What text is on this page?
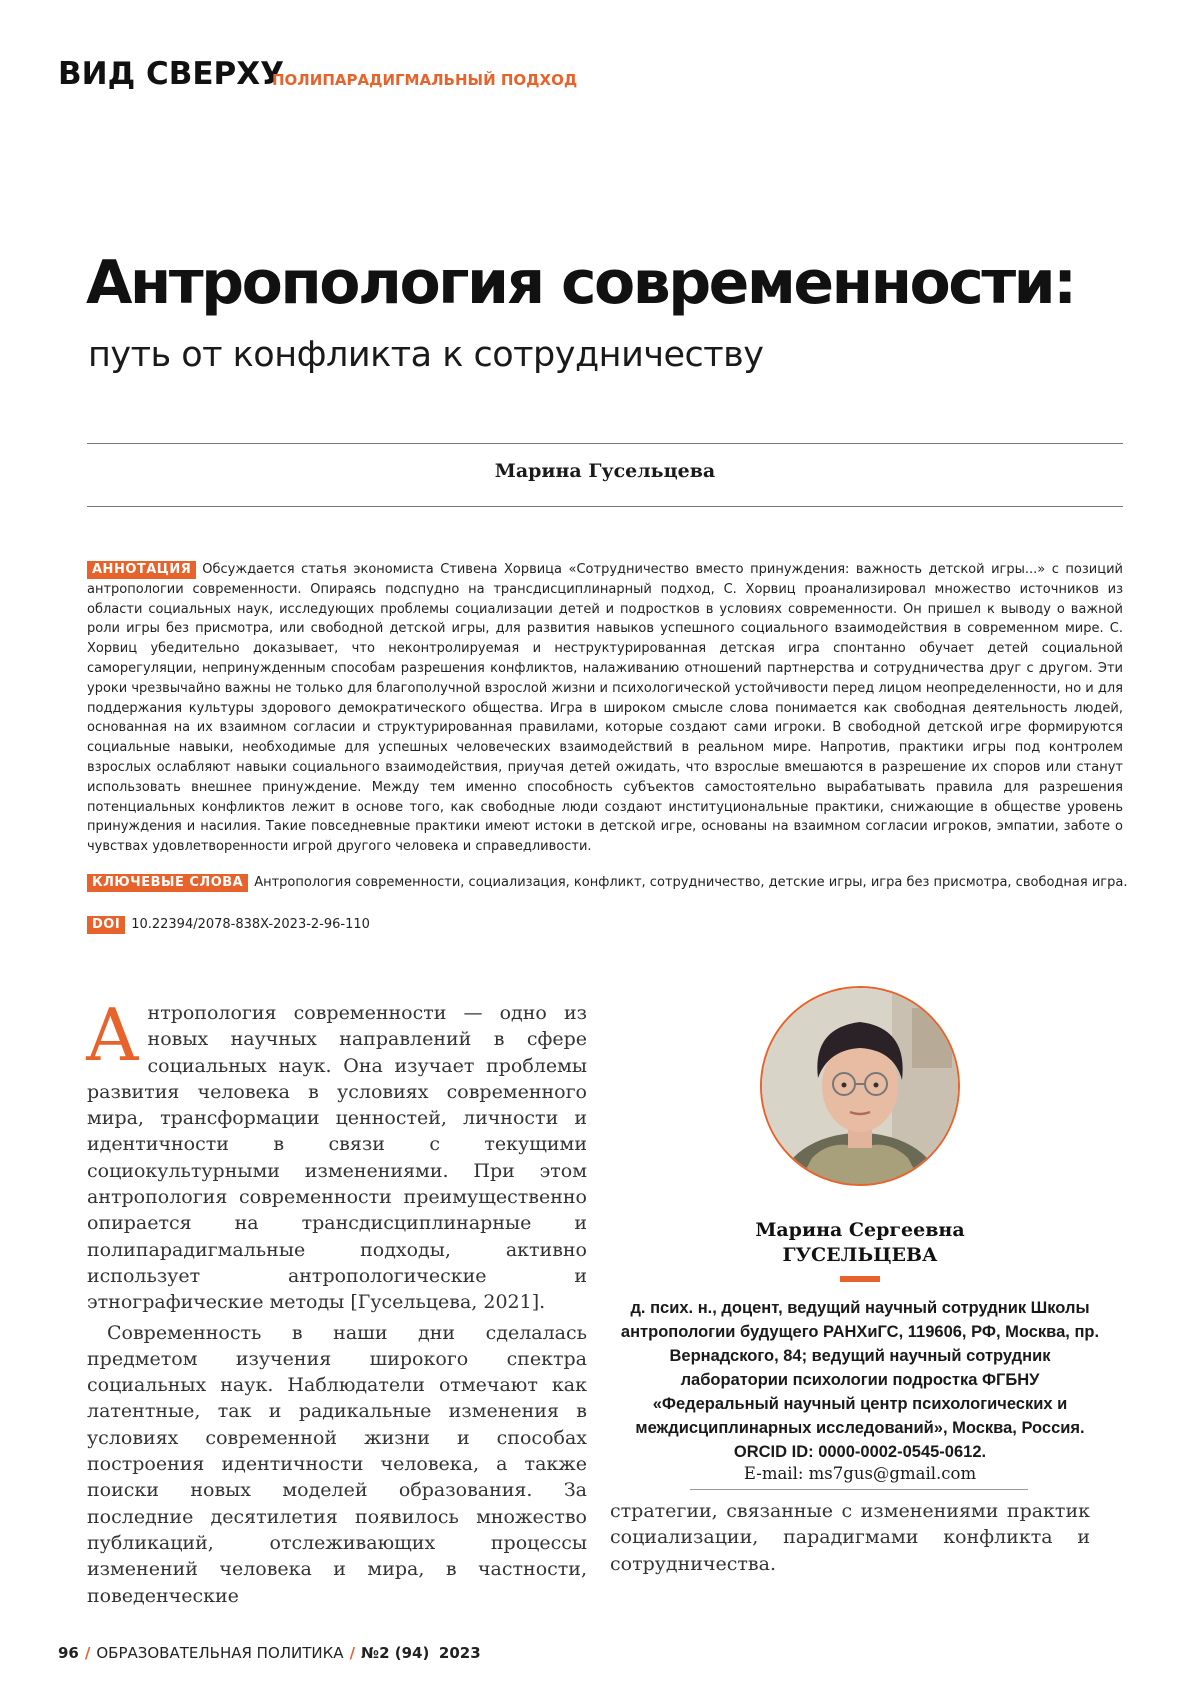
ВИД СВЕРХУ
ПОЛИПАРАДИГМАЛЬНЫЙ ПОДХОД
Антропология современности:
путь от конфликта к сотрудничеству
Марина Гусельцева
АННОТАЦИЯ Обсуждается статья экономиста Стивена Хорвица «Сотрудничество вместо принуждения: важность детской игры...» с позиций антропологии современности. Опираясь подспудно на трансдисциплинарный подход, С. Хорвиц проанализировал множество источников из области социальных наук, исследующих проблемы социализации детей и подростков в условиях современности. Он пришел к выводу о важной роли игры без присмотра, или свободной детской игры, для развития навыков успешного социального взаимодействия в современном мире. С. Хорвиц убедительно доказывает, что неконтролируемая и неструктурированная детская игра спонтанно обучает детей социальной саморегуляции, непринужденным способам разрешения конфликтов, налаживанию отношений партнерства и сотрудничества друг с другом. Эти уроки чрезвычайно важны не только для благополучной взрослой жизни и психологической устойчивости перед лицом неопределенности, но и для поддержания культуры здорового демократического общества. Игра в широком смысле слова понимается как свободная деятельность людей, основанная на их взаимном согласии и структурированная правилами, которые создают сами игроки. В свободной детской игре формируются социальные навыки, необходимые для успешных человеческих взаимодействий в реальном мире. Напротив, практики игры под контролем взрослых ослабляют навыки социального взаимодействия, приучая детей ожидать, что взрослые вмешаются в разрешение их споров или станут использовать внешнее принуждение. Между тем именно способность субъектов самостоятельно вырабатывать правила для разрешения потенциальных конфликтов лежит в основе того, как свободные люди создают институциональные практики, снижающие в обществе уровень принуждения и насилия. Такие повседневные практики имеют истоки в детской игре, основаны на взаимном согласии игроков, эмпатии, заботе о чувствах удовлетворенности игрой другого человека и справедливости.
КЛЮЧЕВЫЕ СЛОВА Антропология современности, социализация, конфликт, сотрудничество, детские игры, игра без присмотра, свободная игра.
DOI 10.22394/2078-838X-2023-2-96-110

А нтропология современности — одно из новых научных направлений в сфере социальных наук. Она изучает проблемы развития человека в условиях современного мира, трансформации ценностей, личности и идентичности в связи с текущими социокультурными изменениями. При этом антропология современности преимущественно опирается на трансдисциплинарные и полипарадигмальные подходы, активно использует антропологические и этнографические методы [Гусельцева, 2021].

Современность в наши дни сделалась предметом изучения широкого спектра социальных наук. Наблюдатели отмечают как латентные, так и радикальные изменения в условиях современной жизни и способах построения идентичности человека, а также поиски новых моделей образования. За последние десятилетия появилось множество публикаций, отслеживающих процессы изменений человека и мира, в частности, поведенческие

Марина Сергеевна
ГУСЕЛЬЦЕВА
д. псих. н., доцент, ведущий научный сотрудник Школы антропологии будущего РАНХиГС, 119606, РФ, Москва, пр. Вернадского, 84; ведущий научный сотрудник лаборатории психологии подростка ФГБНУ «Федеральный научный центр психологических и междисциплинарных исследований», Москва, Россия. ORCID ID: 0000-0002-0545-0612.
E-mail: ms7gus@gmail.com
стратегии, связанные с изменениями практик социализации, парадигмами конфликта и сотрудничества.
96 / ОБРАЗОВАТЕЛЬНАЯ ПОЛИТИКА / №2 (94) 2023
